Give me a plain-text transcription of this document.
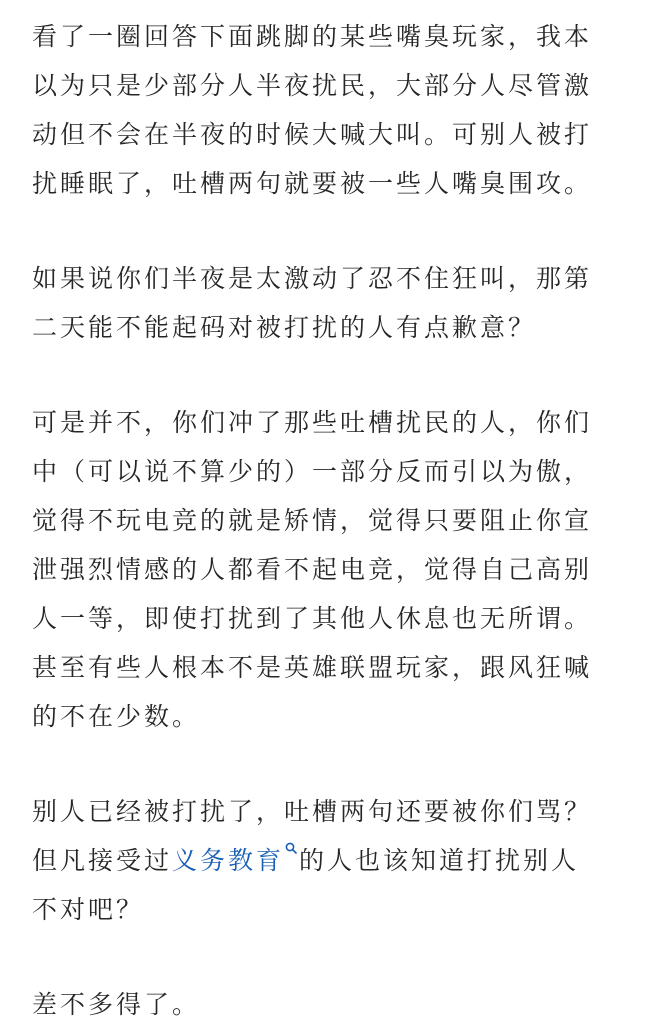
看了一圈回答下面跳脚的某些嘴臭玩家，我本
以为只是少部分人半夜扰民，大部分人尽管激
动但不会在半夜的时候大喊大叫。可别人被打
扰睡眠了，吐槽两句就要被一些人嘴臭围攻。

如果说你们半夜是太激动了忍不住狂叫，那第
二天能不能起码对被打扰的人有点歉意？

可是并不，你们冲了那些吐槽扰民的人，你们
中（可以说不算少的）一部分反而引以为傲，
觉得不玩电竞的就是矫情，觉得只要阻止你宣
泄强烈情感的人都看不起电竞，觉得自己高别
人一等，即使打扰到了其他人休息也无所谓。
甚至有些人根本不是英雄联盟玩家，跟风狂喊
的不在少数。

别人已经被打扰了，吐槽两句还要被你们骂？
但凡接受过义务教育 的人也该知道打扰别人
不对吧？

差不多得了。
